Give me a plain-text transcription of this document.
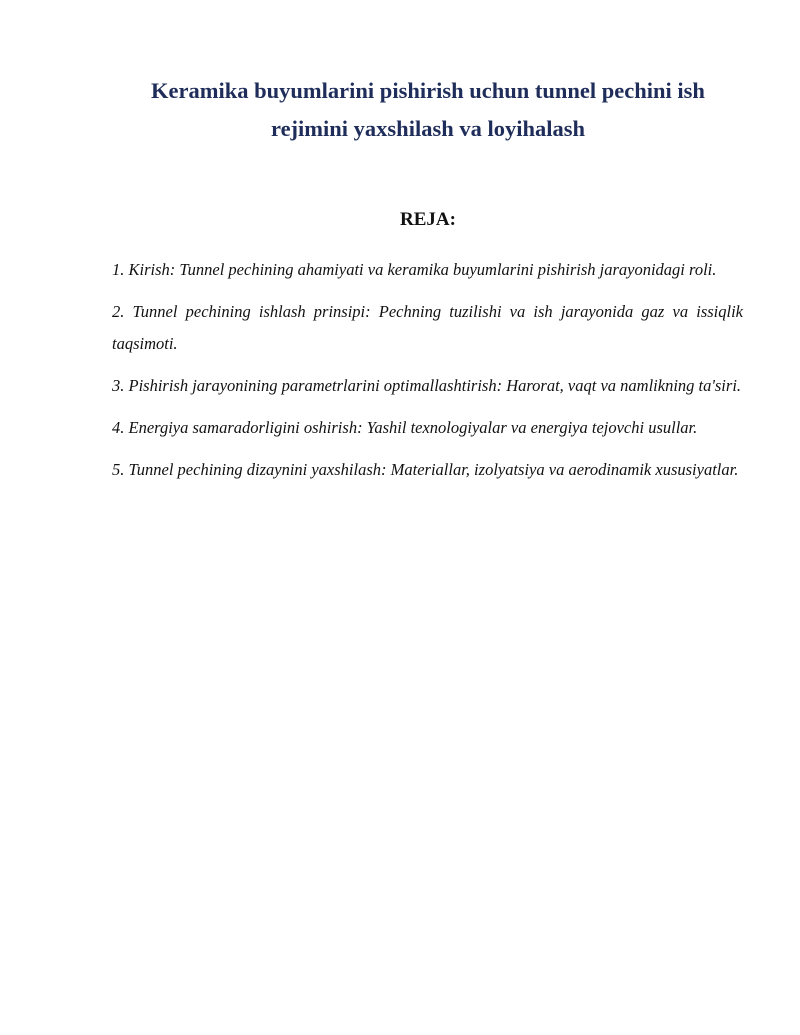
Keramika buyumlarini pishirish uchun tunnel pechini ish rejimini yaxshilash va loyihalash
REJA:
1. Kirish: Tunnel pechining ahamiyati va keramika buyumlarini pishirish jarayonidagi roli.
2. Tunnel pechining ishlash prinsipi: Pechning tuzilishi va ish jarayonida gaz va issiqlik taqsimoti.
3. Pishirish jarayonining parametrlarini optimallashtirish: Harorat, vaqt va namlikning ta'siri.
4. Energiya samaradorligini oshirish: Yashil texnologiyalar va energiya tejovchi usullar.
5. Tunnel pechining dizaynini yaxshilash: Materiallar, izolyatsiya va aerodinamik xususiyatlar.
